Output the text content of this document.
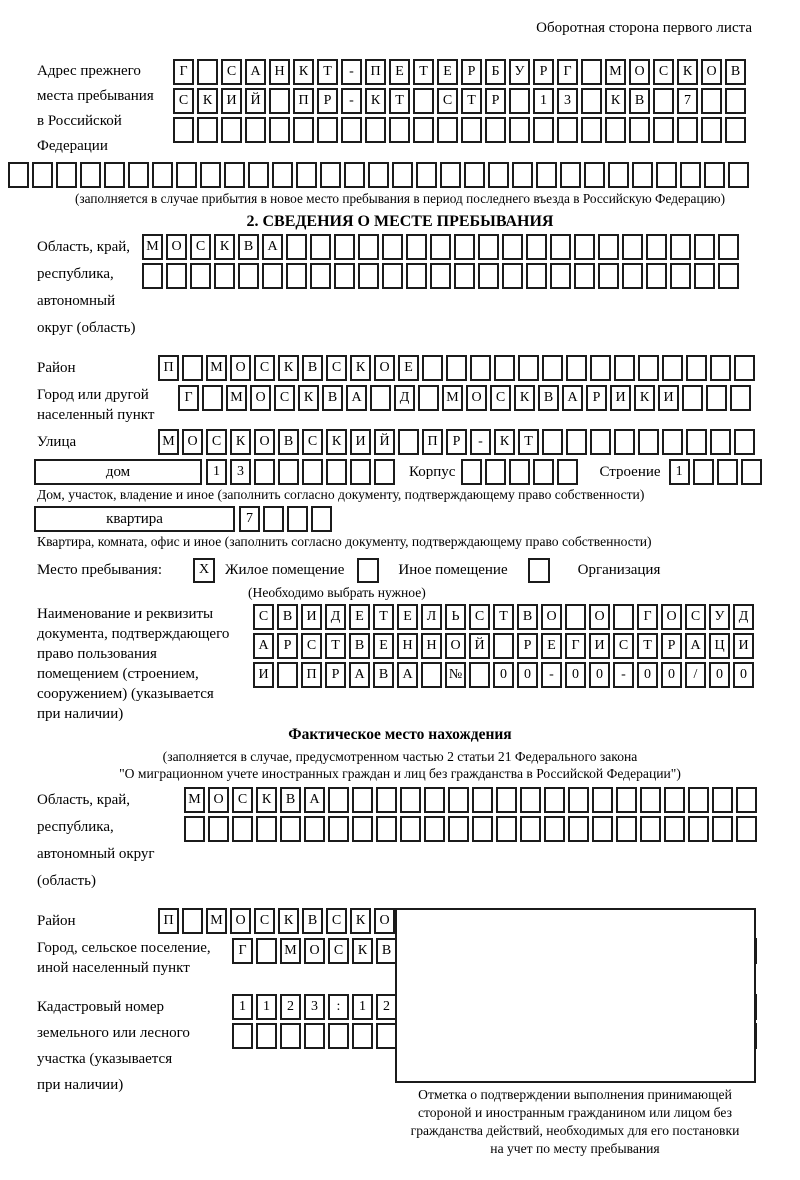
Оборотная сторона первого листа
Адрес прежнего
места пребывания
в Российской
Федерации
Г	С	А Н	К	Т	-	П	Е	Т	Е	Р	Б	У	Р	Г	М О	С	К	О	В
С	К	И Й	П	Р	-	К	Т	С	Т	Р	1	3	К	В	7
(заполняется в случае прибытия в новое место пребывания в период последнего въезда в Российскую Федерацию)
2. СВЕДЕНИЯ О МЕСТЕ ПРЕБЫВАНИЯ
Область, край,
республика,
автономный
округ (область)
М О	С	К	В	А
Район	П	М О	С	К	В	С	К	О	Е
Город или другой
населенный пункт
Г	М О	С	К	В	А	Д	М О	С	К	В	А	Р	И	К	И
Улица	М О	С	К	О	В	С	К	И Й	П	Р	-	К	Т
дом	1	3	Корпус	Строение	1
Дом, участок, владение и иное (заполнить согласно документу, подтверждающему право собственности)
квартира	7
Квартира, комната, офис и иное (заполнить согласно документу, подтверждающему право собственности)
Место пребывания:	X	Жилое помещение	Иное помещение	Организация
(Необходимо выбрать нужное)
Наименование и реквизиты
документа, подтверждающего
право пользования
помещением (строением,
сооружением) (указывается
при наличии)
С	В	И	Д	Е	Т	Е	Л	Ь	С	Т	В	О	О	Г	О	С	У	Д
А	Р	С	Т	В	Е	Н Н О Й	Р	Е	Г	И	С	Т	Р	А Ц И
И	П	Р	А	В	А	№	0	0	-	0	0	-	0	0	/	0	0
Фактическое место нахождения
(заполняется в случае, предусмотренном частью 2 статьи 21 Федерального закона
"О миграционном учете иностранных граждан и лиц без гражданства в Российской Федерации")
Область, край,
республика,
автономный округ
(область)
М О	С	К	В	А
Район	П	М О	С	К	В	С	К	О
Город, сельское поселение,
иной населенный пункт
Г	М О	С	К	В
Кадастровый номер
земельного или лесного
участка (указывается
при наличии)
1	1	2	3	:	1	2
Отметка о подтверждении выполнения принимающей
стороной и иностранным гражданином или лицом без
гражданства действий, необходимых для его постановки
на учет по месту пребывания
